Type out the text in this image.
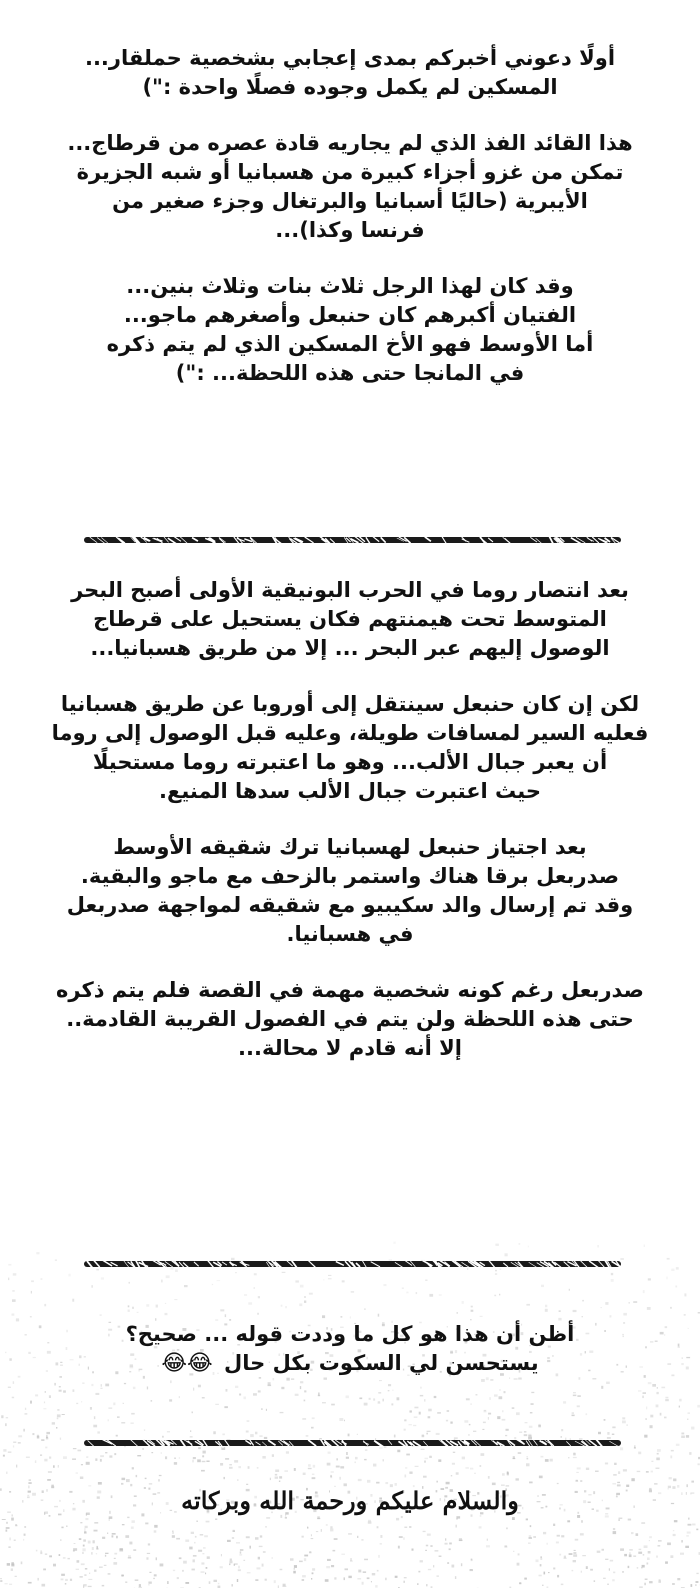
أولًا دعوني أخبركم بمدى إعجابي بشخصية حملقار...
المسكين لم يكمل وجوده فصلًا واحدة :")

هذا القائد الفذ الذي لم يجاريه قادة عصره من قرطاج...
تمكن من غزو أجزاء كبيرة من هسبانيا أو شبه الجزيرة
الأيبرية (حاليًا أسبانيا والبرتغال وجزء صغير من
فرنسا وكذا)...

وقد كان لهذا الرجل ثلاث بنات وثلاث بنين...
الفتيان أكبرهم كان حنبعل وأصغرهم ماجو...
أما الأوسط فهو الأخ المسكين الذي لم يتم ذكره
في المانجا حتى هذه اللحظة... :")

بعد انتصار روما في الحرب البونيقية الأولى أصبح البحر
المتوسط تحت هيمنتهم فكان يستحيل على قرطاج
الوصول إليهم عبر البحر ... إلا من طريق هسبانيا...

لكن إن كان حنبعل سينتقل إلى أوروبا عن طريق هسبانيا
فعليه السير لمسافات طويلة، وعليه قبل الوصول إلى روما
أن يعبر جبال الألب... وهو ما اعتبرته روما مستحيلًا
حيث اعتبرت جبال الألب سدها المنيع.

بعد اجتياز حنبعل لهسبانيا ترك شقيقه الأوسط
صدربعل برقا هناك واستمر بالزحف مع ماجو والبقية.
وقد تم إرسال والد سكيبيو مع شقيقه لمواجهة صدربعل
في هسبانيا.

صدربعل رغم كونه شخصية مهمة في القصة فلم يتم ذكره
حتى هذه اللحظة ولن يتم في الفصول القريبة القادمة..
إلا أنه قادم لا محالة...

أظن أن هذا هو كل ما وددت قوله ... صحيح؟
يستحسن لي السكوت بكل حال 😂😂

والسلام عليكم ورحمة الله وبركاته
